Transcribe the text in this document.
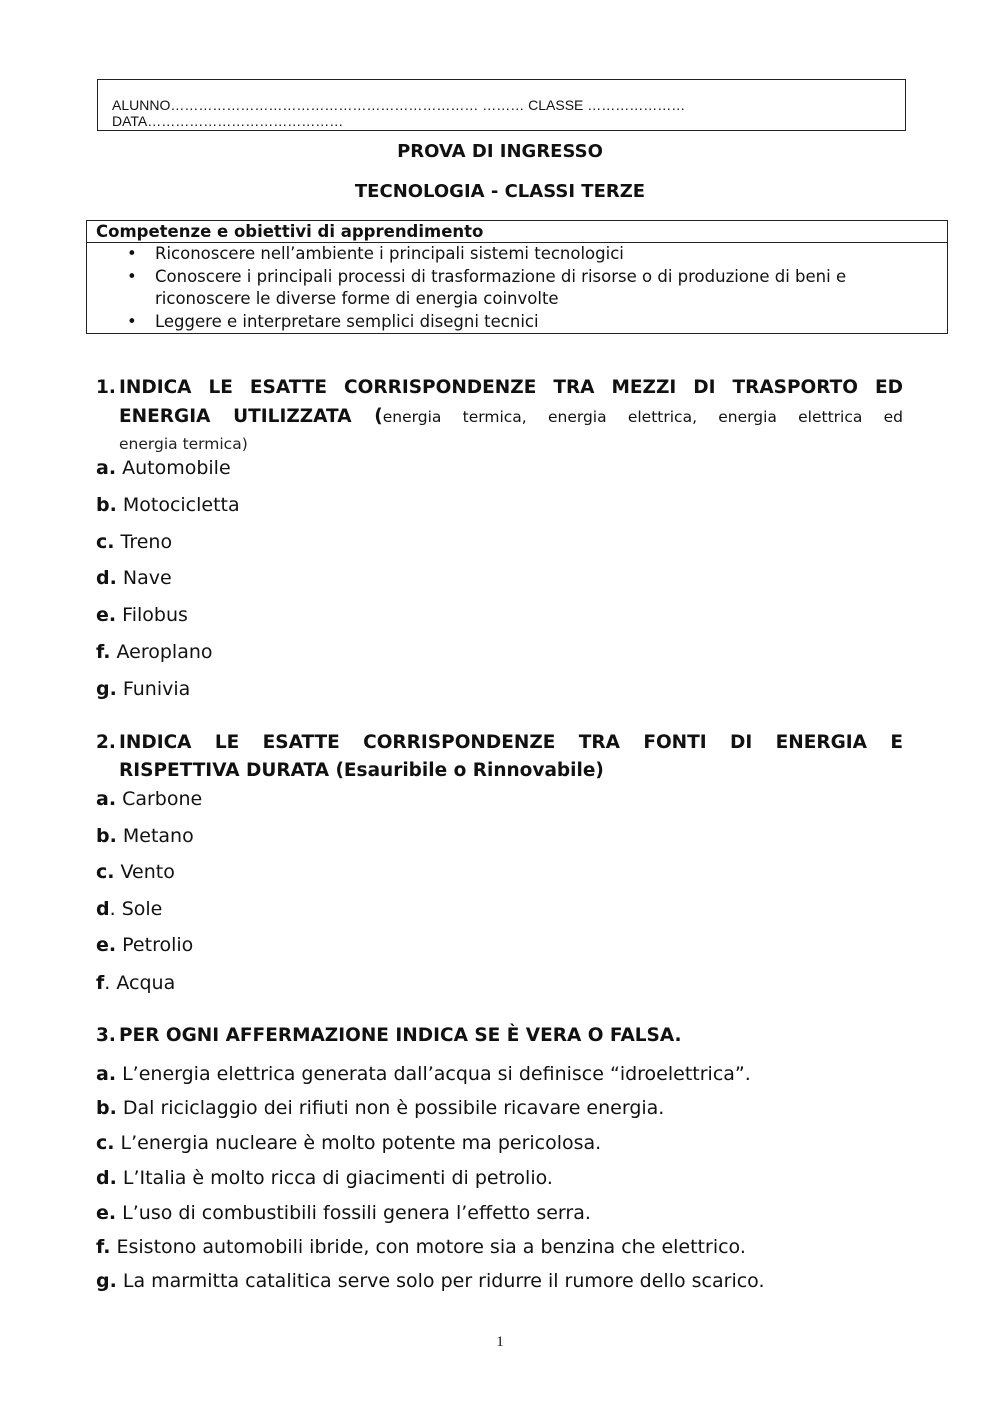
ALUNNO………………………………………………………… ……… CLASSE ………………… DATA……………………………………
PROVA DI INGRESSO
TECNOLOGIA - CLASSI TERZE
Competenze e obiettivi di apprendimento
• Riconoscere nell’ambiente i principali sistemi tecnologici
• Conoscere i principali processi di trasformazione di risorse o di produzione di beni e
riconoscere le diverse forme di energia coinvolte
• Leggere e interpretare semplici disegni tecnici
1. INDICA LE ESATTE CORRISPONDENZE TRA MEZZI DI TRASPORTO ED
ENERGIA UTILIZZATA (energia termica, energia elettrica, energia elettrica ed
energia termica)
a. Automobile
b. Motocicletta
c. Treno
d. Nave
e. Filobus
f. Aeroplano
g. Funivia
2. INDICA LE ESATTE CORRISPONDENZE TRA FONTI DI ENERGIA E
RISPETTIVA DURATA (Esauribile o Rinnovabile)
a. Carbone
b. Metano
c. Vento
d. Sole
e. Petrolio
f. Acqua
3. PER OGNI AFFERMAZIONE INDICA SE È VERA O FALSA.
a. L’energia elettrica generata dall’acqua si definisce “idroelettrica”.
b. Dal riciclaggio dei rifiuti non è possibile ricavare energia.
c. L’energia nucleare è molto potente ma pericolosa.
d. L’Italia è molto ricca di giacimenti di petrolio.
e. L’uso di combustibili fossili genera l’effetto serra.
f. Esistono automobili ibride, con motore sia a benzina che elettrico.
g. La marmitta catalitica serve solo per ridurre il rumore dello scarico.
1
